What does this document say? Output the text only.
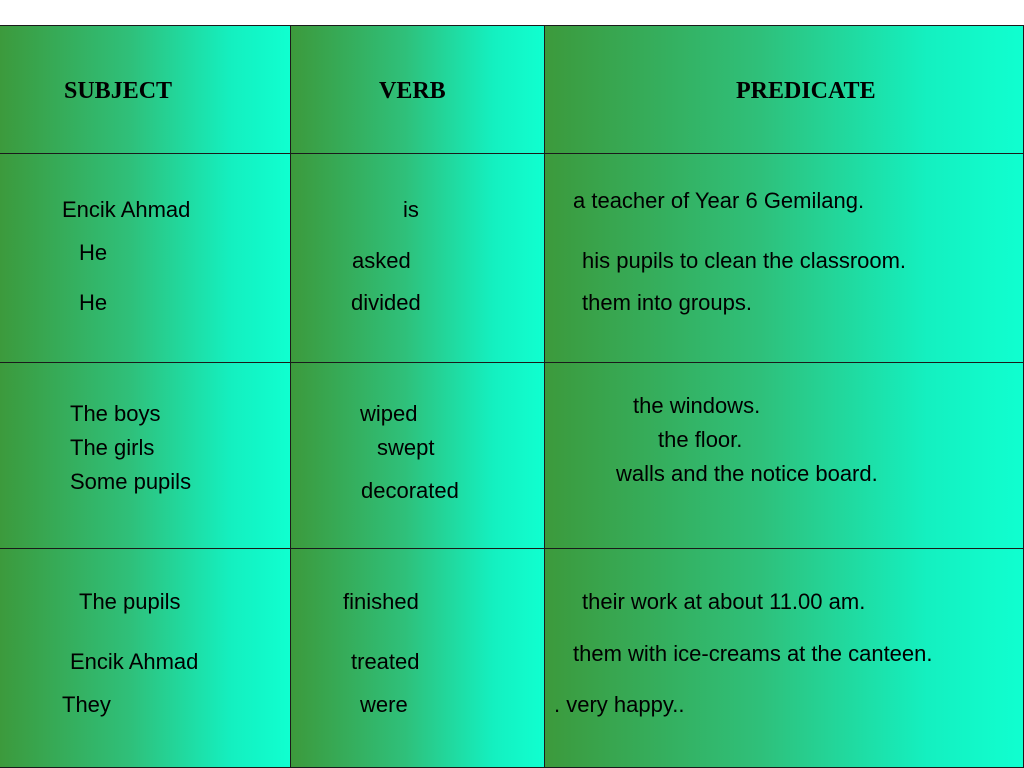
SUBJECT	VERB	PREDICATE
Encik Ahmad
He
He
is
asked
divided
a teacher of Year 6 Gemilang.
his pupils to clean the classroom.
them into groups.
The boys
The girls
Some pupils
wiped
swept
decorated
the windows.
the floor.
walls and the notice board.
The pupils
Encik Ahmad
They
finished
treated
were
their work at about 11.00 am.
them with ice-creams at the canteen.
. very happy..
